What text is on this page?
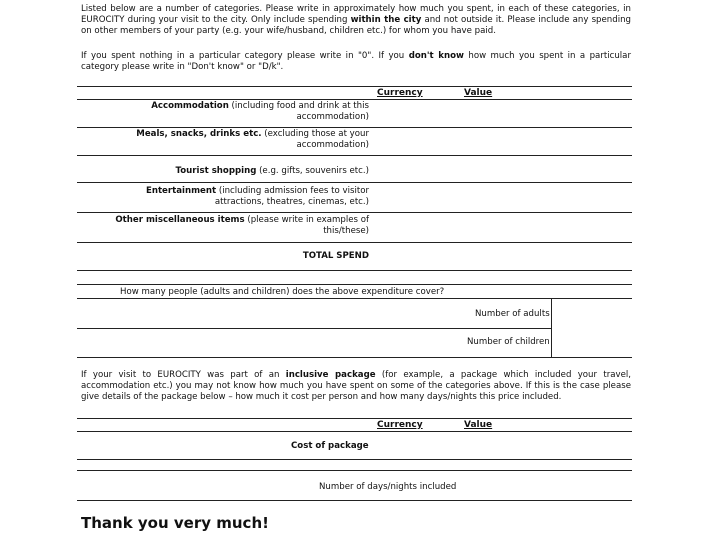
Listed below are a number of categories. Please write in approximately how much you spent, in each of these categories, in EUROCITY during your visit to the city. Only include spending within the city and not outside it. Please include any spending on other members of your party (e.g. your wife/husband, children etc.) for whom you have paid.
If you spent nothing in a particular category please write in "0". If you don't know how much you spent in a particular category please write in "Don't know" or "D/k".
Currency	Value
Accommodation (including food and drink at this accommodation)
Meals, snacks, drinks etc. (excluding those at your accommodation)
Tourist shopping (e.g. gifts, souvenirs etc.)
Entertainment (including admission fees to visitor attractions, theatres, cinemas, etc.)
Other miscellaneous items (please write in examples of this/these)
TOTAL SPEND
How many people (adults and children) does the above expenditure cover?
Number of adults
Number of children
If your visit to EUROCITY was part of an inclusive package (for example, a package which included your travel, accommodation etc.) you may not know how much you have spent on some of the categories above. If this is the case please give details of the package below – how much it cost per person and how many days/nights this price included.
Currency	Value
Cost of package
Number of days/nights included
Thank you very much!
